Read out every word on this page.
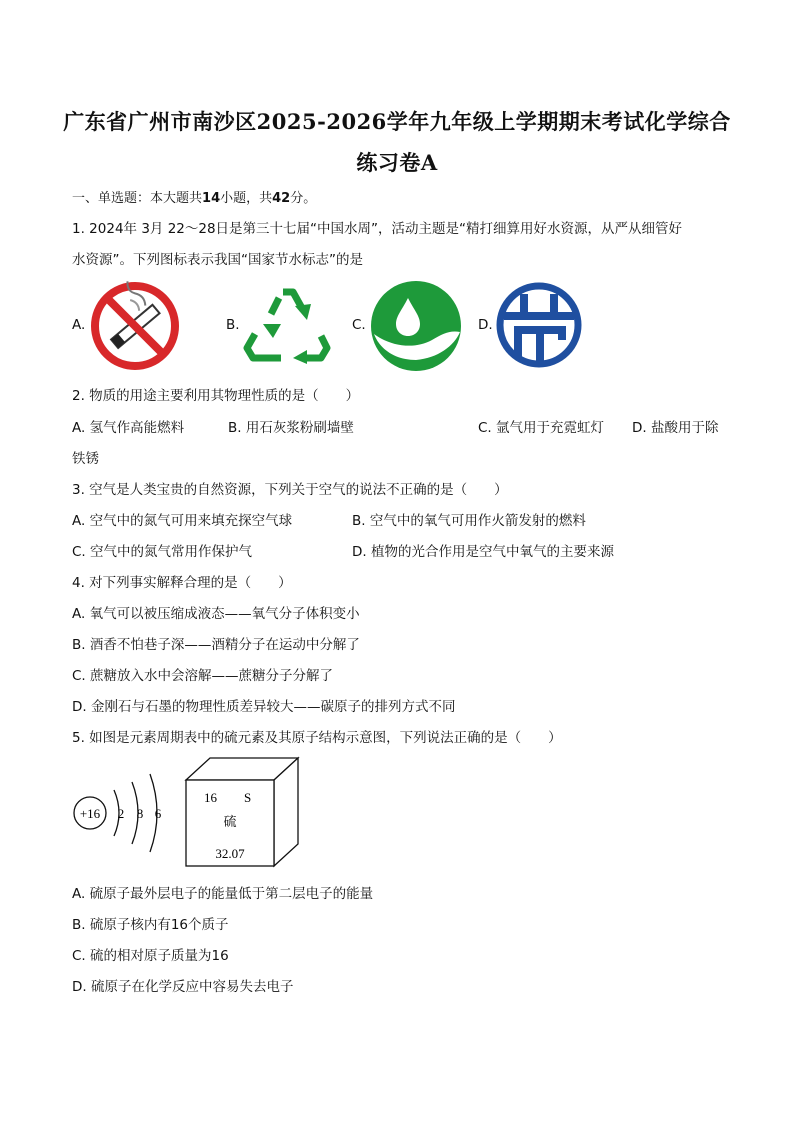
广东省广州市南沙区2025-2026学年九年级上学期期末考试化学综合
练习卷A
一、单选题：本大题共14小题，共42分。
1. 2024年 3月 22～28日是第三十七届“中国水周”，活动主题是“精打细算用好水资源，从严从细管好
水资源”。下列图标表示我国“国家节水标志”的是
A.	B.	C.	D.
2. 物质的用途主要利用其物理性质的是（　　）
A. 氢气作高能燃料	B. 用石灰浆粉刷墙壁	C. 氩气用于充霓虹灯 D. 盐酸用于除
铁锈
3. 空气是人类宝贵的自然资源，下列关于空气的说法不正确的是（　　）
A. 空气中的氮气可用来填充探空气球	B. 空气中的氧气可用作火箭发射的燃料
C. 空气中的氮气常用作保护气	D. 植物的光合作用是空气中氧气的主要来源
4. 对下列事实解释合理的是（　　）
A. 氧气可以被压缩成液态——氧气分子体积变小
B. 酒香不怕巷子深——酒精分子在运动中分解了
C. 蔗糖放入水中会溶解——蔗糖分子分解了
D. 金刚石与石墨的物理性质差异较大——碳原子的排列方式不同
5. 如图是元素周期表中的硫元素及其原子结构示意图，下列说法正确的是（　　）
+16 2 8 6
16 S
硫
32.07
A. 硫原子最外层电子的能量低于第二层电子的能量
B. 硫原子核内有16个质子
C. 硫的相对原子质量为16
D. 硫原子在化学反应中容易失去电子
